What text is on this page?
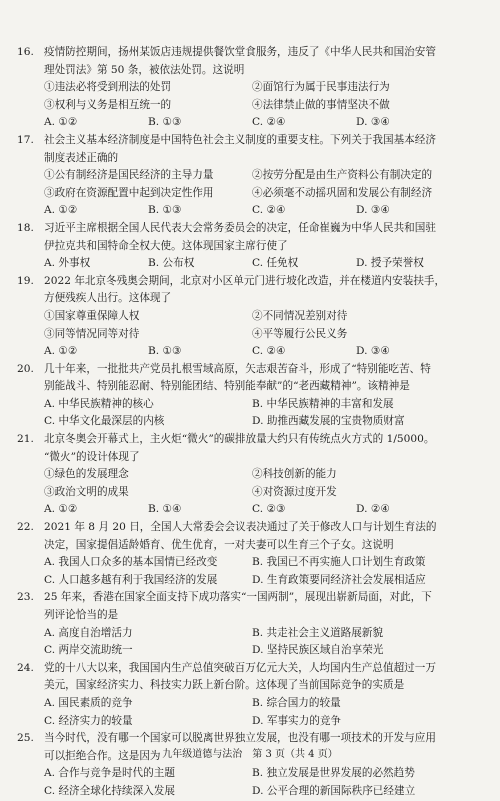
16. 疫情防控期间，扬州某饭店违规提供餐饮堂食服务，违反了《中华人民共和国治安管
理处罚法》第 50 条，被依法处罚。这说明
①违法必将受到刑法的处罚	②面馆行为属于民事违法行为
③权利与义务是相互统一的	④法律禁止做的事情坚决不做
A. ①②	B. ①③	C. ②④	D. ③④
17. 社会主义基本经济制度是中国特色社会主义制度的重要支柱。下列关于我国基本经济
制度表述正确的
①公有制经济是国民经济的主导力量	②按劳分配是由生产资料公有制决定的
③政府在资源配置中起到决定性作用	④必须毫不动摇巩固和发展公有制经济
A. ①②	B. ①③	C. ②④	D. ③④
18. 习近平主席根据全国人民代表大会常务委员会的决定，任命崔巍为中华人民共和国驻
伊拉克共和国特命全权大使。这体现国家主席行使了
A. 外事权	B. 公布权	C. 任免权	D. 授予荣誉权
19. 2022 年北京冬残奥会期间，北京对小区单元门进行坡化改造，并在楼道内安装扶手，
方便残疾人出行。这体现了
①国家尊重保障人权	②不同情况差别对待
③同等情况同等对待	④平等履行公民义务
A. ①②	B. ①③	C. ②④	D. ③④
20. 几十年来，一批批共产党员扎根雪域高原，矢志艰苦奋斗，形成了“特别能吃苦、特
别能战斗、特别能忍耐、特别能团结、特别能奉献”的“老西藏精神”。该精神是
A. 中华民族精神的核心	B. 中华民族精神的丰富和发展
C. 中华文化最深层的内核	D. 助推西藏发展的宝贵物质财富
21. 北京冬奥会开幕式上，主火炬“微火”的碳排放量大约只有传统点火方式的 1/5000。
“微火”的设计体现了
①绿色的发展理念	②科技创新的能力
③政治文明的成果	④对资源过度开发
A. ①②	B. ①④	C. ②③	D. ②④
22. 2021 年 8 月 20 日，全国人大常委会会议表决通过了关于修改人口与计划生育法的
决定，国家提倡适龄婚育、优生优育，一对夫妻可以生育三个子女。这说明
A. 我国人口众多的基本国情已经改变	B. 我国已不再实施人口计划生育政策
C. 人口越多越有利于我国经济的发展	D. 生育政策要同经济社会发展相适应
23. 25 年来，香港在国家全面支持下成功落实“一国两制”，展现出崭新局面，对此，下
列评论恰当的是
A. 高度自治增活力	B. 共走社会主义道路展新貌
C. 两岸交流助统一	D. 坚持民族区域自治享荣光
24. 党的十八大以来，我国国内生产总值突破百万亿元大关，人均国内生产总值超过一万
美元，国家经济实力、科技实力跃上新台阶。这体现了当前国际竞争的实质是
A. 国民素质的竞争	B. 综合国力的较量
C. 经济实力的较量	D. 军事实力的竞争
25. 当今时代，没有哪一个国家可以脱离世界独立发展，也没有哪一项技术的开发与应用
可以拒绝合作。这是因为
A. 合作与竞争是时代的主题	B. 独立发展是世界发展的必然趋势
C. 经济全球化持续深入发展	D. 公平合理的新国际秩序已经建立
九年级道德与法治　第 3 页（共 4 页）
